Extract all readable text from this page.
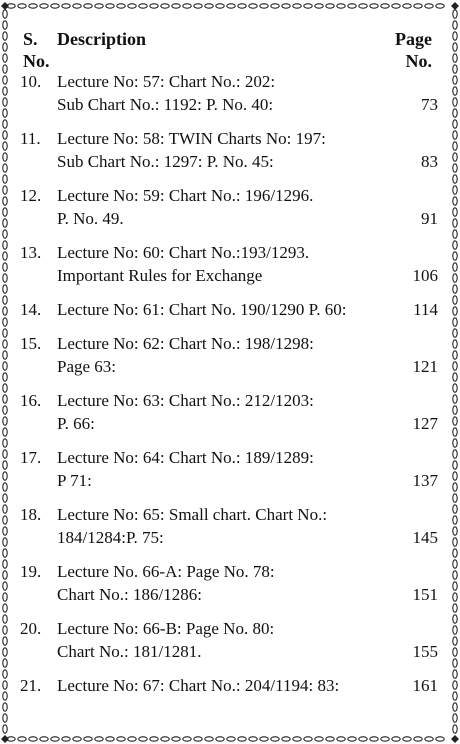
S.
No.
Description	Page
No.
10. Lecture No: 57: Chart No.: 202:
Sub Chart No.: 1192: P. No. 40:	73
11. Lecture No: 58: TWIN Charts No: 197:
Sub Chart No.: 1297: P. No. 45:	83
12. Lecture No: 59: Chart No.: 196/1296.
P. No. 49.	91
13. Lecture No: 60: Chart No.:193/1293.
Important Rules for Exchange	106
14. Lecture No: 61: Chart No. 190/1290 P. 60:	114
15. Lecture No: 62: Chart No.: 198/1298:
Page 63:	121
16. Lecture No: 63: Chart No.: 212/1203:
P. 66:	127
17. Lecture No: 64: Chart No.: 189/1289:
P 71:	137
18. Lecture No: 65: Small chart. Chart No.:
184/1284:P. 75:	145
19. Lecture No. 66-A: Page No. 78:
Chart No.: 186/1286:	151
20. Lecture No: 66-B: Page No. 80:
Chart No.: 181/1281.	155
21. Lecture No: 67: Chart No.: 204/1194: 83:	161
